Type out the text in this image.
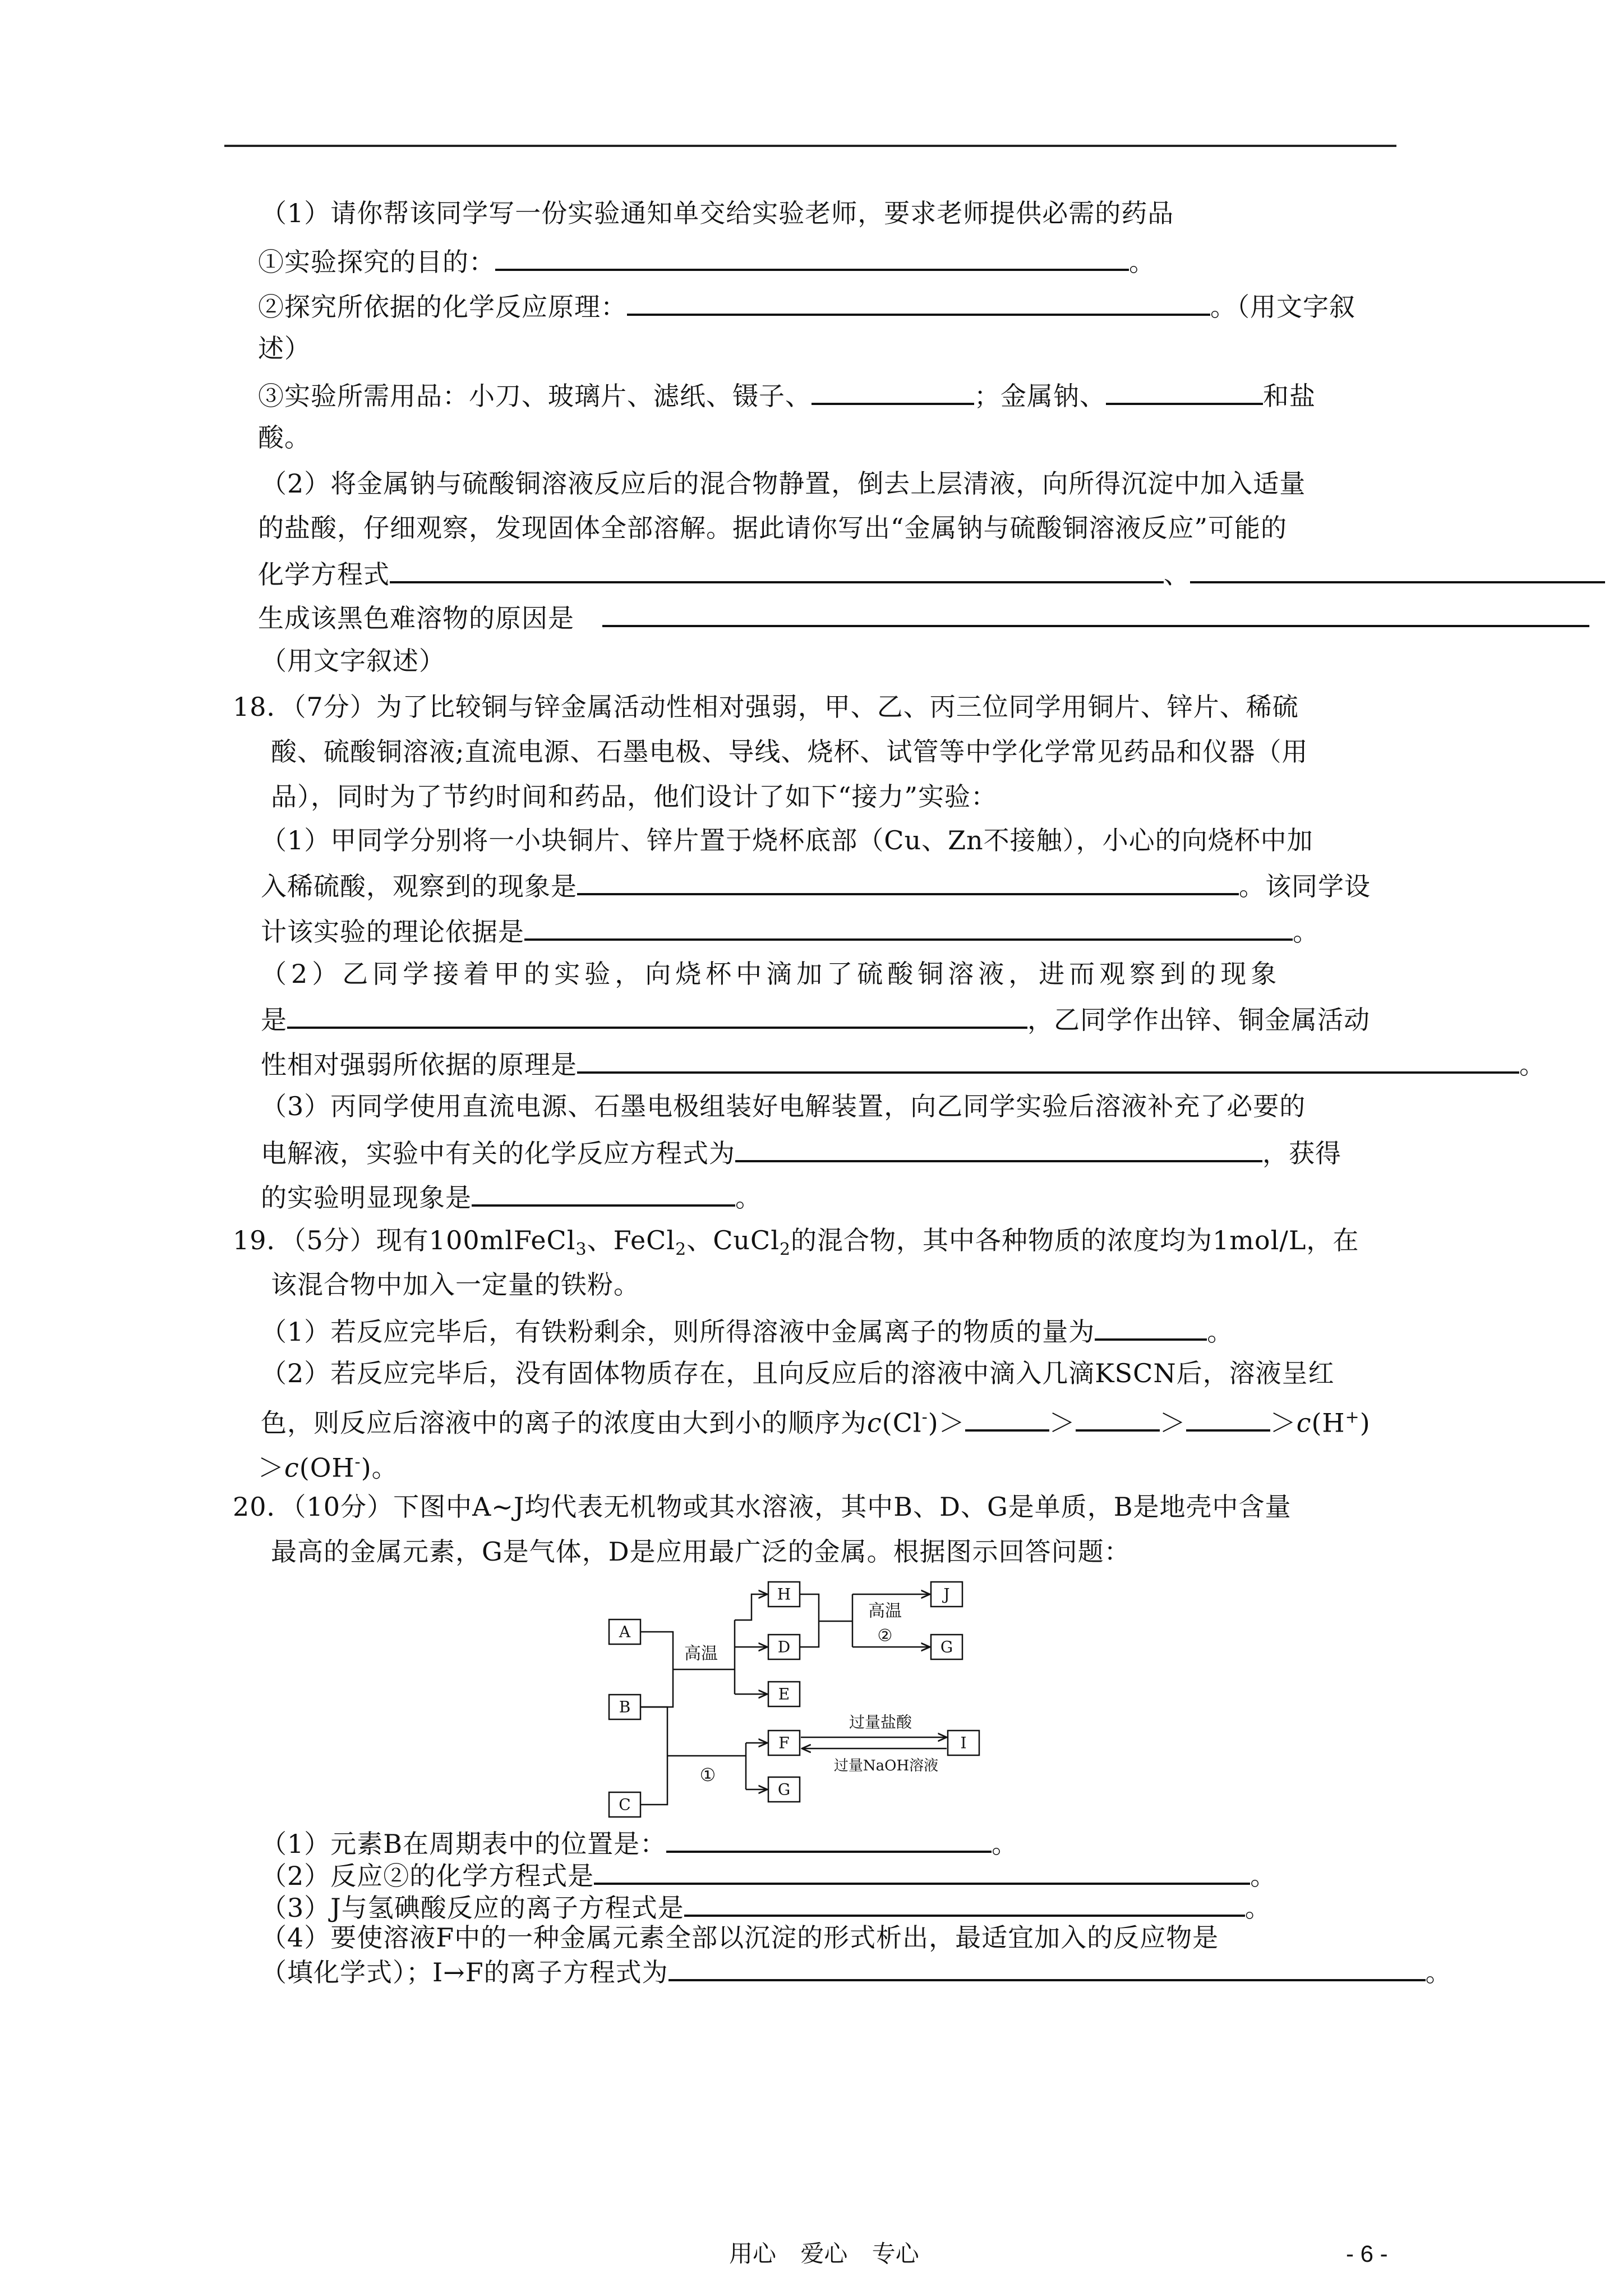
（1）请你帮该同学写一份实验通知单交给实验老师，要求老师提供必需的药品
①实验探究的目的：	。
②探究所依据的化学反应原理：	。（用文字叙
述）
③实验所需用品：小刀、玻璃片、滤纸、镊子、	；金属钠、	和盐
酸。
（2）将金属钠与硫酸铜溶液反应后的混合物静置，倒去上层清液，向所得沉淀中加入适量
的盐酸，仔细观察，发现固体全部溶解。据此请你写出“金属钠与硫酸铜溶液反应”可能的
化学方程式	、
生成该黑色难溶物的原因是
（用文字叙述）
18．（7分）为了比较铜与锌金属活动性相对强弱，甲、乙、丙三位同学用铜片、锌片、稀硫
酸、硫酸铜溶液;直流电源、石墨电极、导线、烧杯、试管等中学化学常见药品和仪器（用
品），同时为了节约时间和药品，他们设计了如下“接力”实验：
（1）甲同学分别将一小块铜片、锌片置于烧杯底部（Cu、Zn不接触），小心的向烧杯中加
入稀硫酸，观察到的现象是	。该同学设
计该实验的理论依据是	。
（2）乙同学接着甲的实验，向烧杯中滴加了硫酸铜溶液，进而观察到的现象
是	，乙同学作出锌、铜金属活动
性相对强弱所依据的原理是	。
（3）丙同学使用直流电源、石墨电极组装好电解装置，向乙同学实验后溶液补充了必要的
电解液，实验中有关的化学反应方程式为	，获得
的实验明显现象是	。
19．（5分）现有100mlFeCl$_3$、FeCl$_2$、CuCl$_2$的混合物，其中各种物质的浓度均为1mol/L，在
该混合物中加入一定量的铁粉。
（1）若反应完毕后，有铁粉剩余，则所得溶液中金属离子的物质的量为	。
（2）若反应完毕后，没有固体物质存在，且向反应后的溶液中滴入几滴KSCN后，溶液呈红
色，则反应后溶液中的离子的浓度由大到小的顺序为c(Cl-)＞	＞	＞	＞c(H+)
＞c(OH-)。
20．（10分）下图中A~J均代表无机物或其水溶液，其中B、D、G是单质，B是地壳中含量
最高的金属元素，G是气体，D是应用最广泛的金属。根据图示回答问题：
A
B
C
H
D
E
F
G
J
G
I
高温
高温
②
①
过量盐酸
过量NaOH溶液
（1）元素B在周期表中的位置是：	。
（2）反应②的化学方程式是	。
（3）J与氢碘酸反应的离子方程式是	。
（4）要使溶液F中的一种金属元素全部以沉淀的形式析出，最适宜加入的反应物是
（填化学式）；I→F的离子方程式为	。
用心 爱心 专心	- 6 -
